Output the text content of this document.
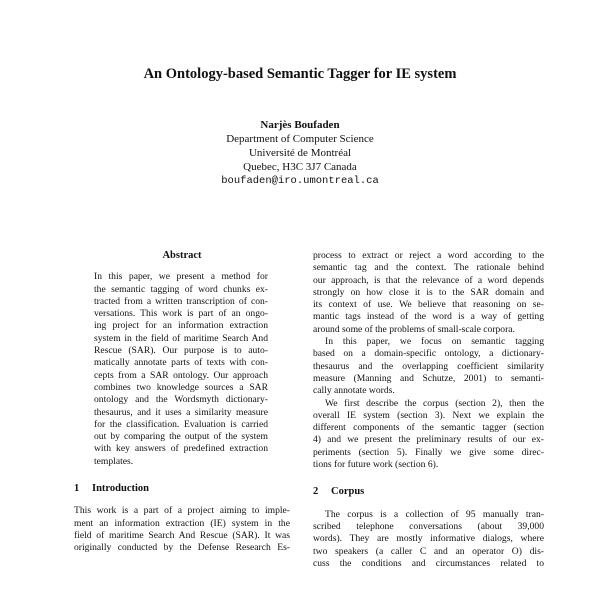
An Ontology-based Semantic Tagger for IE system
Narjès Boufaden
Department of Computer Science
Université de Montréal
Quebec, H3C 3J7 Canada
boufaden@iro.umontreal.ca
Abstract
In this paper, we present a method for
the semantic tagging of word chunks ex-
tracted from a written transcription of con-
versations. This work is part of an ongo-
ing project for an information extraction
system in the field of maritime Search And
Rescue (SAR). Our purpose is to auto-
matically annotate parts of texts with con-
cepts from a SAR ontology. Our approach
combines two knowledge sources a SAR
ontology and the Wordsmyth dictionary-
thesaurus, and it uses a similarity measure
for the classification. Evaluation is carried
out by comparing the output of the system
with key answers of predefined extraction
templates.
1 Introduction
This work is a part of a project aiming to imple-
ment an information extraction (IE) system in the
field of maritime Search And Rescue (SAR). It was
originally conducted by the Defense Research Es-
process to extract or reject a word according to the
semantic tag and the context. The rationale behind
our approach, is that the relevance of a word depends
strongly on how close it is to the SAR domain and
its context of use. We believe that reasoning on se-
mantic tags instead of the word is a way of getting
around some of the problems of small-scale corpora.
In this paper, we focus on semantic tagging
based on a domain-specific ontology, a dictionary-
thesaurus and the overlapping coefficient similarity
measure (Manning and Schutze, 2001) to semanti-
cally annotate words.
We first describe the corpus (section 2), then the
overall IE system (section 3). Next we explain the
different components of the semantic tagger (section
4) and we present the preliminary results of our ex-
periments (section 5). Finally we give some direc-
tions for future work (section 6).
2 Corpus
The corpus is a collection of 95 manually tran-
scribed telephone conversations (about 39,000
words). They are mostly informative dialogs, where
two speakers (a caller C and an operator O) dis-
cuss the conditions and circumstances related to
